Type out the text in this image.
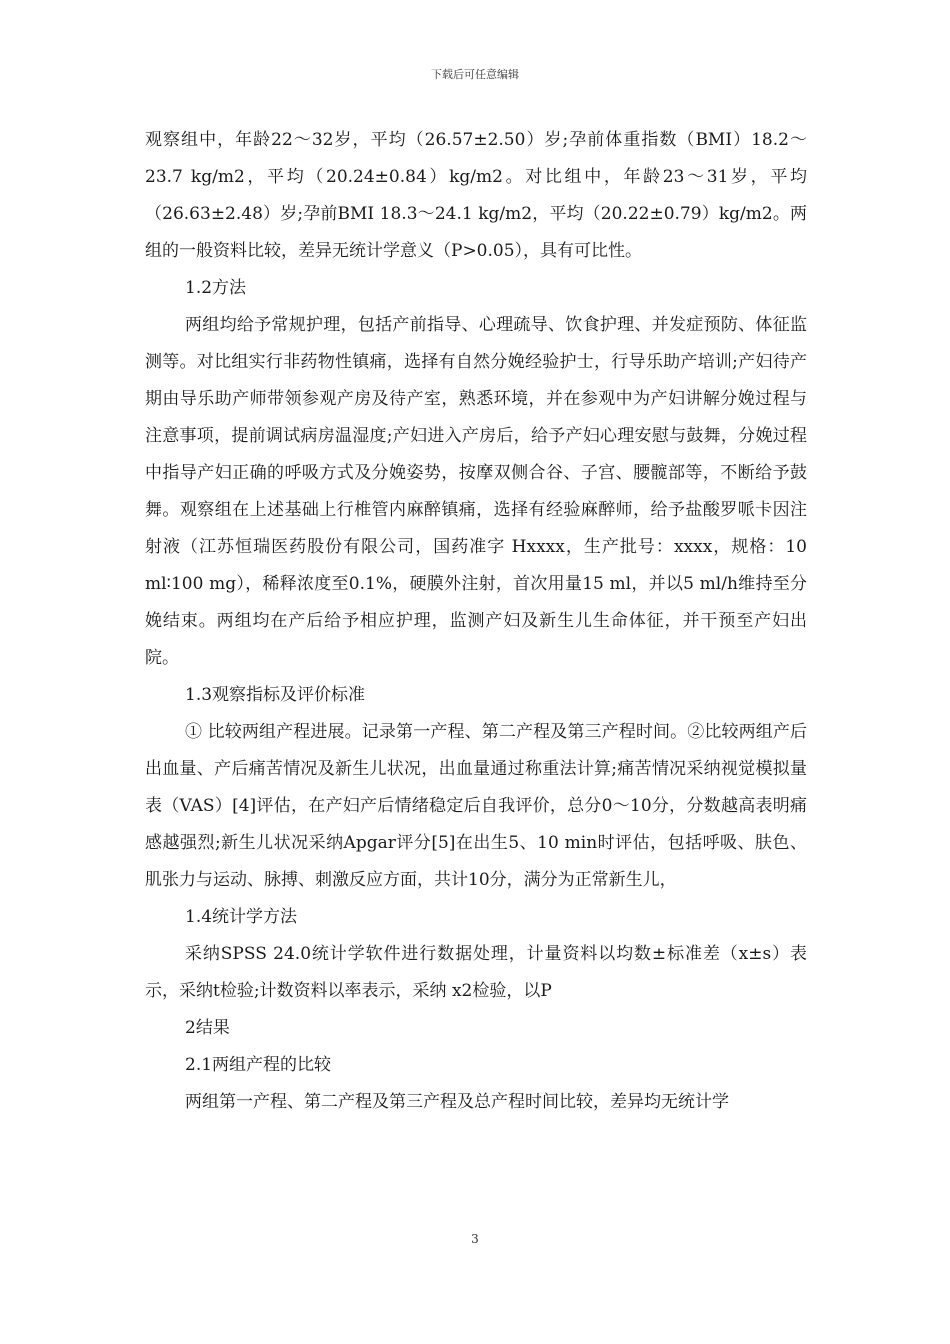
下载后可任意编辑

观察组中，年龄22～32岁，平均（26.57±2.50）岁;孕前体重指数（BMI）18.2～23.7 kg/m2，平均（20.24±0.84）kg/m2。对比组中，年龄23～31岁，平均（26.63±2.48）岁;孕前BMI 18.3～24.1 kg/m2，平均（20.22±0.79）kg/m2。两组的一般资料比较，差异无统计学意义（P>0.05），具有可比性。

1.2方法

两组均给予常规护理，包括产前指导、心理疏导、饮食护理、并发症预防、体征监测等。对比组实行非药物性镇痛，选择有自然分娩经验护士，行导乐助产培训;产妇待产期由导乐助产师带领参观产房及待产室，熟悉环境，并在参观中为产妇讲解分娩过程与注意事项，提前调试病房温湿度;产妇进入产房后，给予产妇心理安慰与鼓舞，分娩过程中指导产妇正确的呼吸方式及分娩姿势，按摩双侧合谷、子宫、腰髋部等，不断给予鼓舞。观察组在上述基础上行椎管内麻醉镇痛，选择有经验麻醉师，给予盐酸罗哌卡因注射液（江苏恒瑞医药股份有限公司，国药准字 Hxxxx，生产批号：xxxx，规格：10 ml∶100 mg），稀释浓度至0.1%，硬膜外注射，首次用量15 ml，并以5 ml/h维持至分娩结束。两组均在产后给予相应护理，监测产妇及新生儿生命体征，并干预至产妇出院。

1.3观察指标及评价标准

① 比较两组产程进展。记录第一产程、第二产程及第三产程时间。②比较两组产后出血量、产后痛苦情况及新生儿状况，出血量通过称重法计算;痛苦情况采纳视觉模拟量表（VAS）[4]评估，在产妇产后情绪稳定后自我评价，总分0～10分，分数越高表明痛感越强烈;新生儿状况采纳Apgar评分[5]在出生5、10 min时评估，包括呼吸、肤色、肌张力与运动、脉搏、刺激反应方面，共计10分，满分为正常新生儿，

1.4统计学方法

采纳SPSS 24.0统计学软件进行数据处理，计量资料以均数±标准差（x±s）表示，采纳t检验;计数资料以率表示，采纳 x2检验，以P

2结果

2.1两组产程的比较

两组第一产程、第二产程及第三产程及总产程时间比较，差异均无统计学

3
